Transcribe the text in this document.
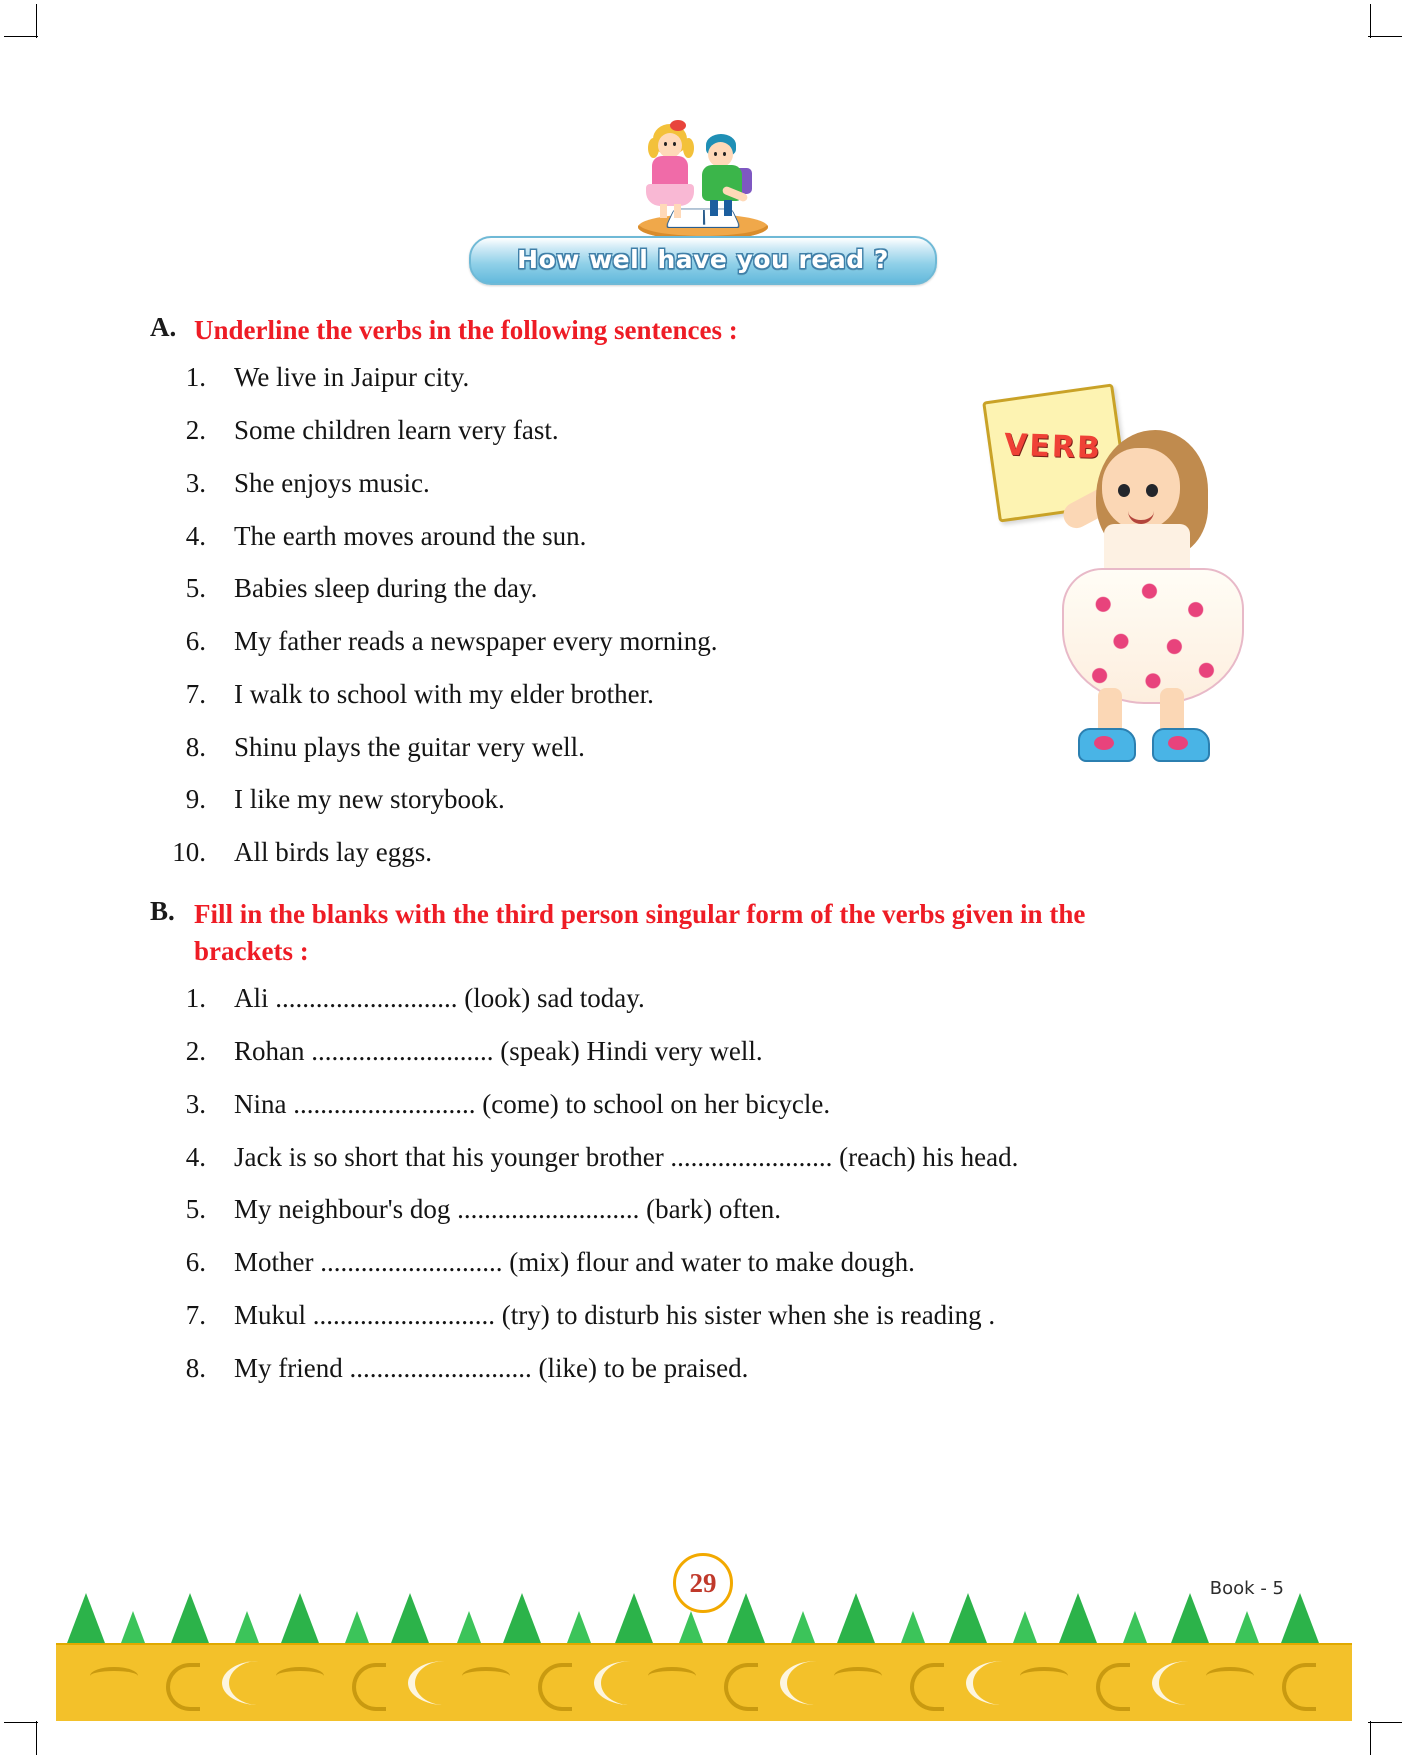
How well have you read ?
VERB
A. Underline the verbs in the following sentences :
1.	We live in Jaipur city.
2.	Some children learn very fast.
3.	She enjoys music.
4.	The earth moves around the sun.
5.	Babies sleep during the day.
6.	My father reads a newspaper every morning.
7.	I walk to school with my elder brother.
8.	Shinu plays the guitar very well.
9.	I like my new storybook.
10.	All birds lay eggs.
B. Fill in the blanks with the third person singular form of the verbs given in the brackets :
1.	Ali ........................... (look) sad today.
2.	Rohan ........................... (speak) Hindi very well.
3.	Nina ........................... (come) to school on her bicycle.
4.	Jack is so short that his younger brother ........................ (reach) his head.
5.	My neighbour's dog ........................... (bark) often.
6.	Mother ........................... (mix) flour and water to make dough.
7.	Mukul ........................... (try) to disturb his sister when she is reading .
8.	My friend ........................... (like) to be praised.
29	Book - 5
